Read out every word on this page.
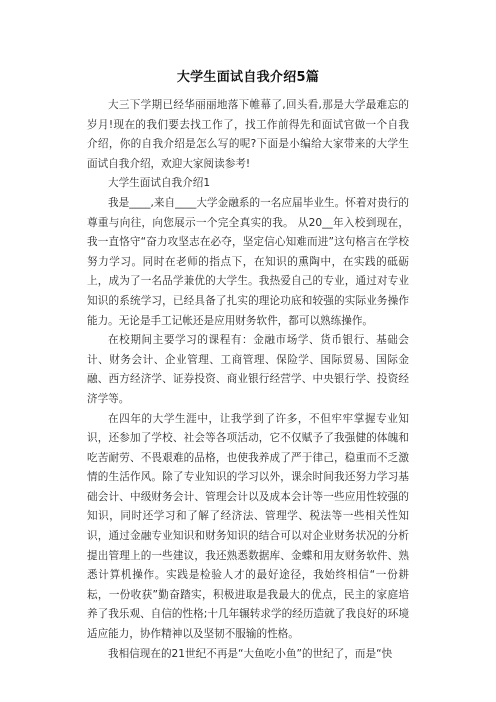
大学生面试自我介绍5篇

大三下学期已经华丽丽地落下帷幕了,回头看,那是大学最难忘的岁月!现在的我们要去找工作了，找工作前得先和面试官做一个自我介绍，你的自我介绍是怎么写的呢?下面是小编给大家带来的大学生面试自我介绍，欢迎大家阅读参考!

大学生面试自我介绍1

我是____,来自____大学金融系的一名应届毕业生。怀着对贵行的尊重与向往，向您展示一个完全真实的我。 从20__年入校到现在，我一直恪守“奋力攻坚志在必夺，坚定信心知难而进”这句格言在学校努力学习。同时在老师的指点下，在知识的熏陶中，在实践的砥砺上，成为了一名品学兼优的大学生。我热爱自己的专业，通过对专业知识的系统学习，已经具备了扎实的理论功底和较强的实际业务操作能力。无论是手工记帐还是应用财务软件，都可以熟练操作。

在校期间主要学习的课程有：金融市场学、货币银行、基础会计、财务会计、企业管理、工商管理、保险学、国际贸易、国际金融、西方经济学、证券投资、商业银行经营学、中央银行学、投资经济学等。

在四年的大学生涯中，让我学到了许多，不但牢牢掌握专业知识，还参加了学校、社会等各项活动，它不仅赋予了我强健的体魄和吃苦耐劳、不畏艰难的品格，也使我养成了严于律己，稳重而不乏激情的生活作风。除了专业知识的学习以外，课余时间我还努力学习基础会计、中级财务会计、管理会计以及成本会计等一些应用性较强的知识，同时还学习和了解了经济法、管理学、税法等一些相关性知识，通过金融专业知识和财务知识的结合可以对企业财务状况的分析提出管理上的一些建议，我还熟悉数据库、金蝶和用友财务软件、熟悉计算机操作。实践是检验人才的最好途径，我始终相信“一份耕耘，一份收获”勤奋踏实，积极进取是我最大的优点，民主的家庭培养了我乐观、自信的性格;十几年辗转求学的经历造就了我良好的环境适应能力，协作精神以及坚韧不服输的性格。

我相信现在的21世纪不再是“大鱼吃小鱼”的世纪了，而是“快
